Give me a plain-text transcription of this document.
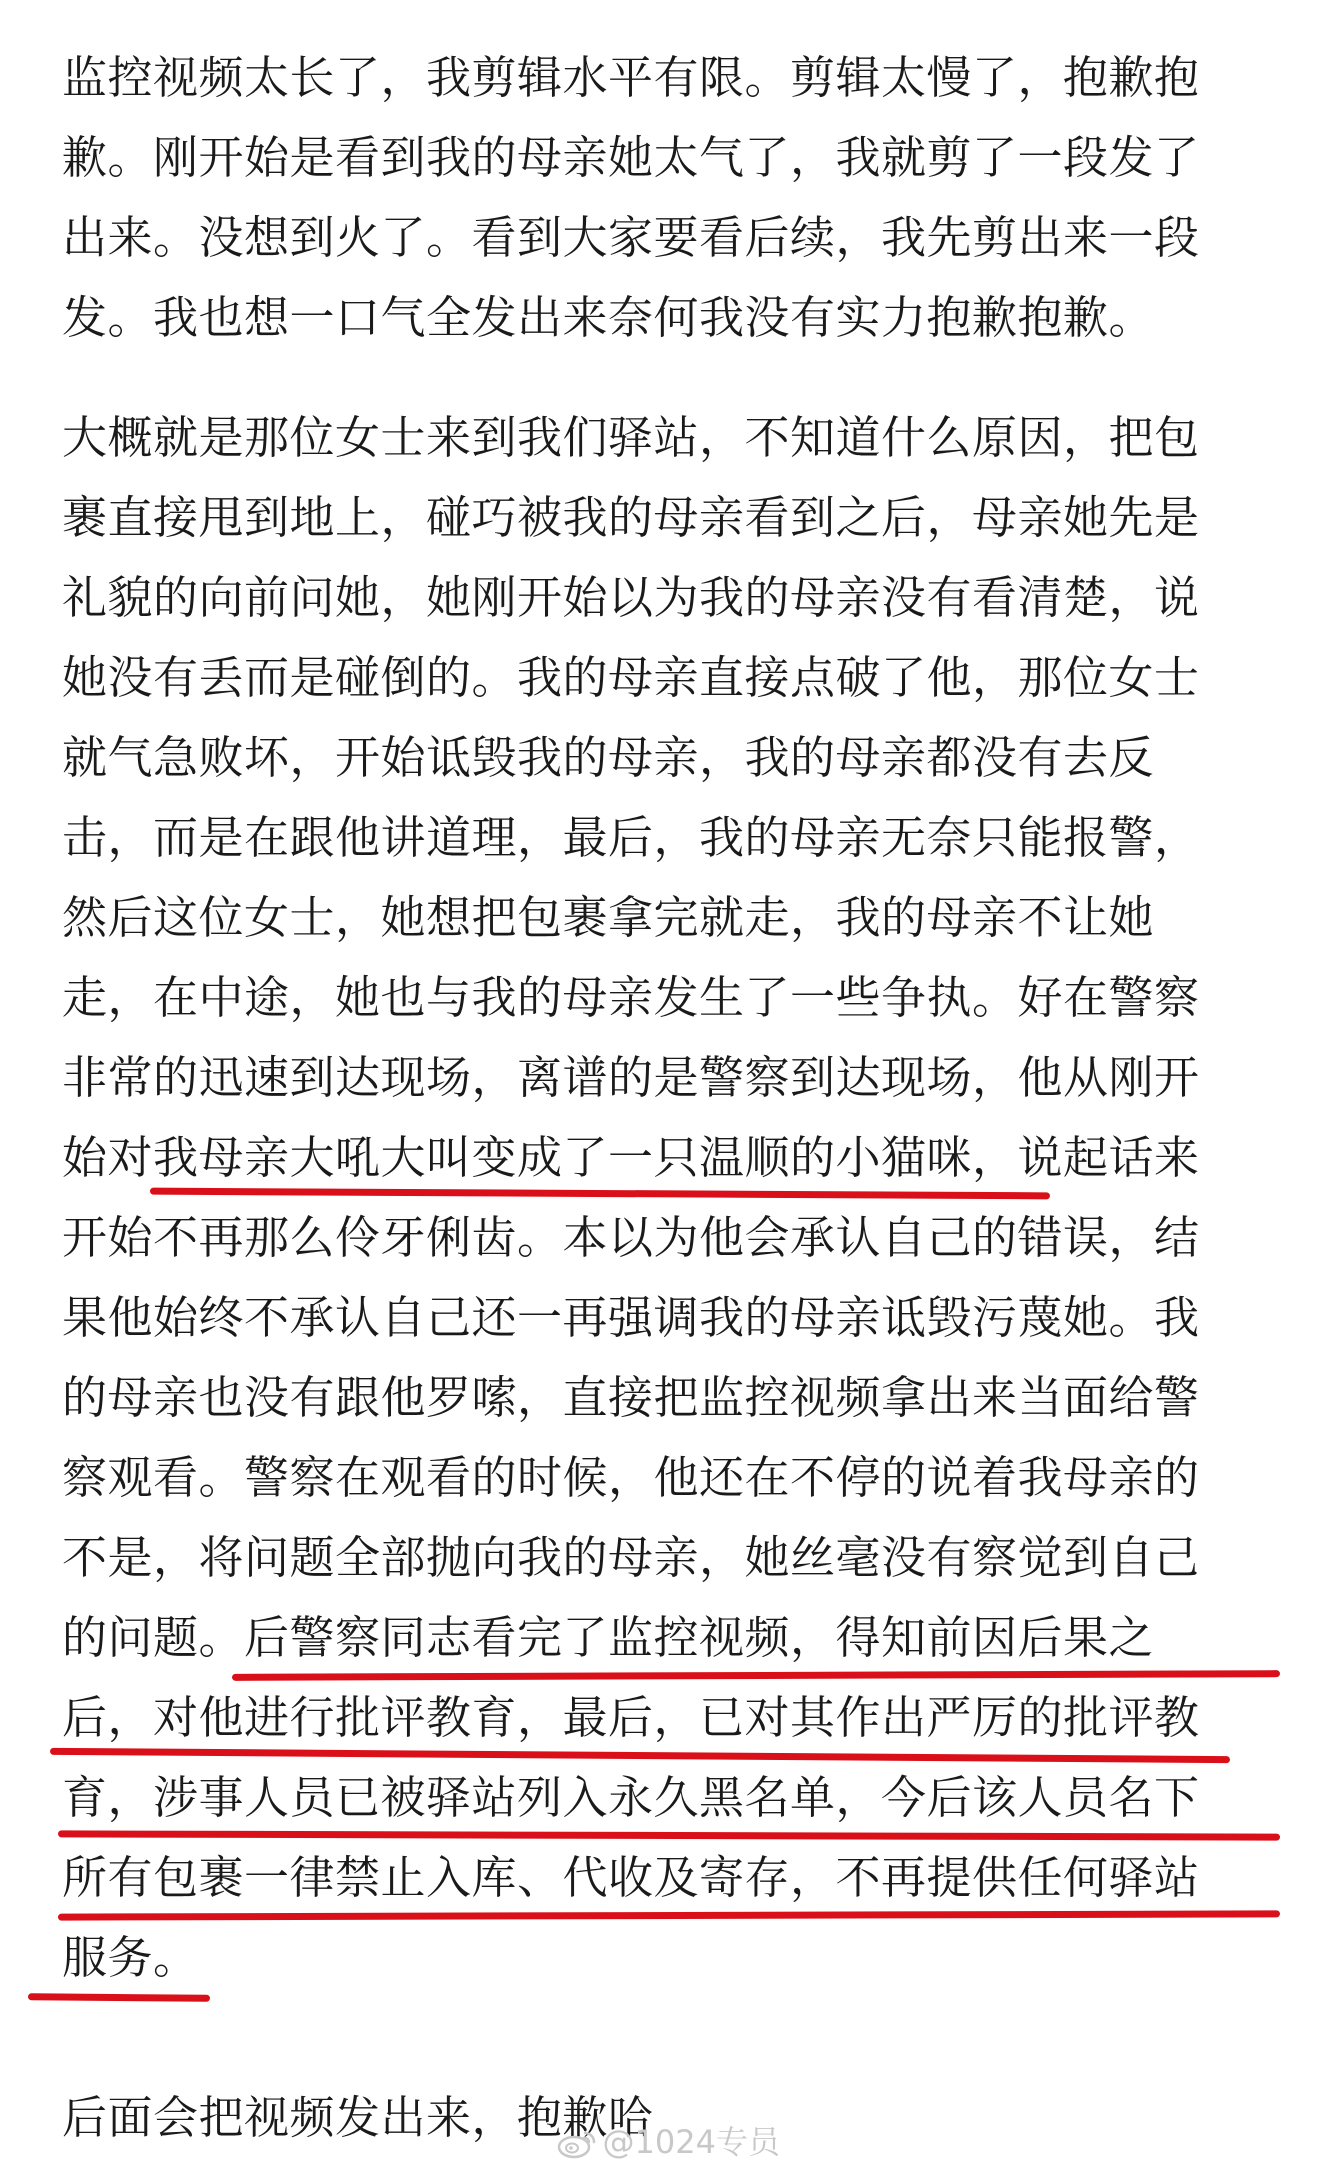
监控视频太长了，我剪辑水平有限。剪辑太慢了，抱歉抱
歉。刚开始是看到我的母亲她太气了，我就剪了一段发了
出来。没想到火了。看到大家要看后续，我先剪出来一段
发。我也想一口气全发出来奈何我没有实力抱歉抱歉。
大概就是那位女士来到我们驿站，不知道什么原因，把包
裹直接甩到地上，碰巧被我的母亲看到之后，母亲她先是
礼貌的向前问她，她刚开始以为我的母亲没有看清楚，说
她没有丢而是碰倒的。我的母亲直接点破了他，那位女士
就气急败坏，开始诋毁我的母亲，我的母亲都没有去反
击，而是在跟他讲道理，最后，我的母亲无奈只能报警，
然后这位女士，她想把包裹拿完就走，我的母亲不让她
走，在中途，她也与我的母亲发生了一些争执。好在警察
非常的迅速到达现场，离谱的是警察到达现场，他从刚开
始对我母亲大吼大叫变成了一只温顺的小猫咪，说起话来
开始不再那么伶牙俐齿。本以为他会承认自己的错误，结
果他始终不承认自己还一再强调我的母亲诋毁污蔑她。我
的母亲也没有跟他罗嗦，直接把监控视频拿出来当面给警
察观看。警察在观看的时候，他还在不停的说着我母亲的
不是，将问题全部抛向我的母亲，她丝毫没有察觉到自己
的问题。后警察同志看完了监控视频，得知前因后果之
后，对他进行批评教育，最后，已对其作出严厉的批评教
育，涉事人员已被驿站列入永久黑名单，今后该人员名下
所有包裹一律禁止入库、代收及寄存，不再提供任何驿站
服务。
后面会把视频发出来，抱歉哈
@1024专员
